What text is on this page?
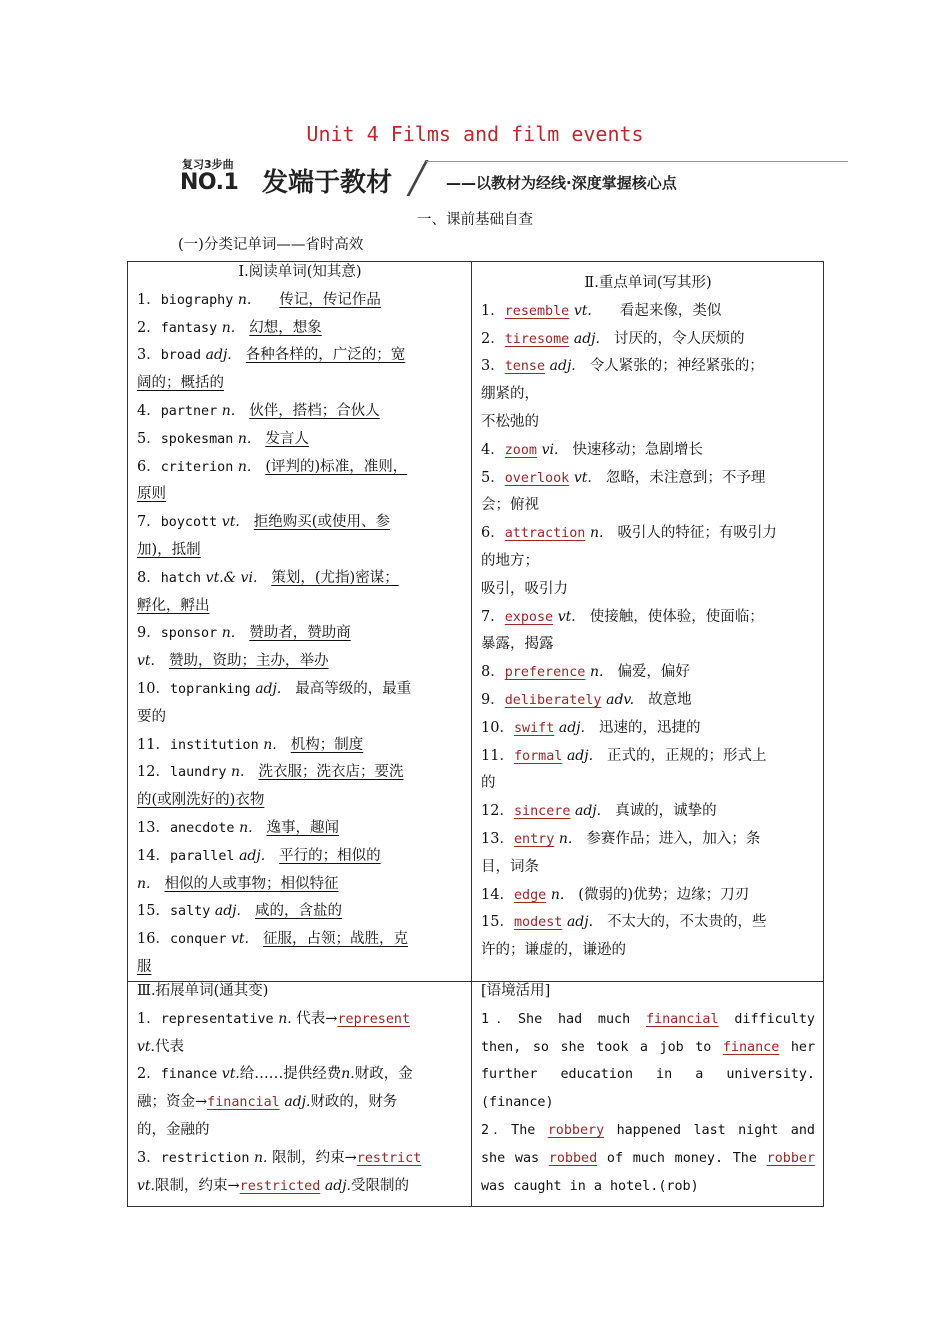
Unit 4 Films and film events
复习3步曲
NO.1 发端于教材	——以教材为经线·深度掌握核心点
一、课前基础自查
(一)分类记单词——省时高效
Ⅰ.阅读单词(知其意)
1．biography n. 传记，传记作品
2．fantasy n. 幻想，想象
3．broad adj. 各种各样的，广泛的；宽
阔的；概括的
4．partner n. 伙伴，搭档；合伙人
5．spokesman n. 发言人
6．criterion n. (评判的)标准，准则，
原则
7．boycott vt. 拒绝购买(或使用、参
加)，抵制
8．hatch vt.& vi. 策划，(尤指)密谋；
孵化，孵出
9．sponsor n. 赞助者，赞助商
vt. 赞助，资助；主办，举办
10．topranking adj. 最高等级的，最重
要的
11．institution n. 机构；制度
12．laundry n. 洗衣服；洗衣店；要洗
的(或刚洗好的)衣物
13．anecdote n. 逸事，趣闻
14．parallel adj. 平行的；相似的
n. 相似的人或事物；相似特征
15．salty adj. 咸的，含盐的
16．conquer vt. 征服，占领；战胜，克
服
Ⅱ.重点单词(写其形)
1．resemble vt. 看起来像，类似
2．tiresome adj. 讨厌的，令人厌烦的
3．tense adj. 令人紧张的；神经紧张的；
绷紧的，
不松弛的
4．zoom vi. 快速移动；急剧增长
5．overlook vt. 忽略，未注意到；不予理
会；俯视
6．attraction n. 吸引人的特征；有吸引力
的地方；
吸引，吸引力
7．expose vt. 使接触，使体验，使面临；
暴露，揭露
8．preference n. 偏爱，偏好
9．deliberately adv. 故意地
10．swift adj. 迅速的，迅捷的
11．formal adj. 正式的，正规的；形式上
的
12．sincere adj. 真诚的，诚挚的
13．entry n. 参赛作品；进入，加入；条
目，词条
14．edge n. (微弱的)优势；边缘；刀刃
15．modest adj. 不太大的，不太贵的，些
许的；谦虚的，谦逊的
Ⅲ.拓展单词(通其变)
1．representative n. 代表→represent
vt.代表
2．finance vt.给……提供经费n.财政，金
融；资金→financial adj.财政的，财务
的，金融的
3．restriction n. 限制，约束→restrict
vt.限制，约束→restricted adj.受限制的
[语境活用]
1．She had much financial difficulty
then, so she took a job to finance her
further education in a university.
(finance)
2．The robbery happened last night and
she was robbed of much money. The robber
was caught in a hotel.(rob)
